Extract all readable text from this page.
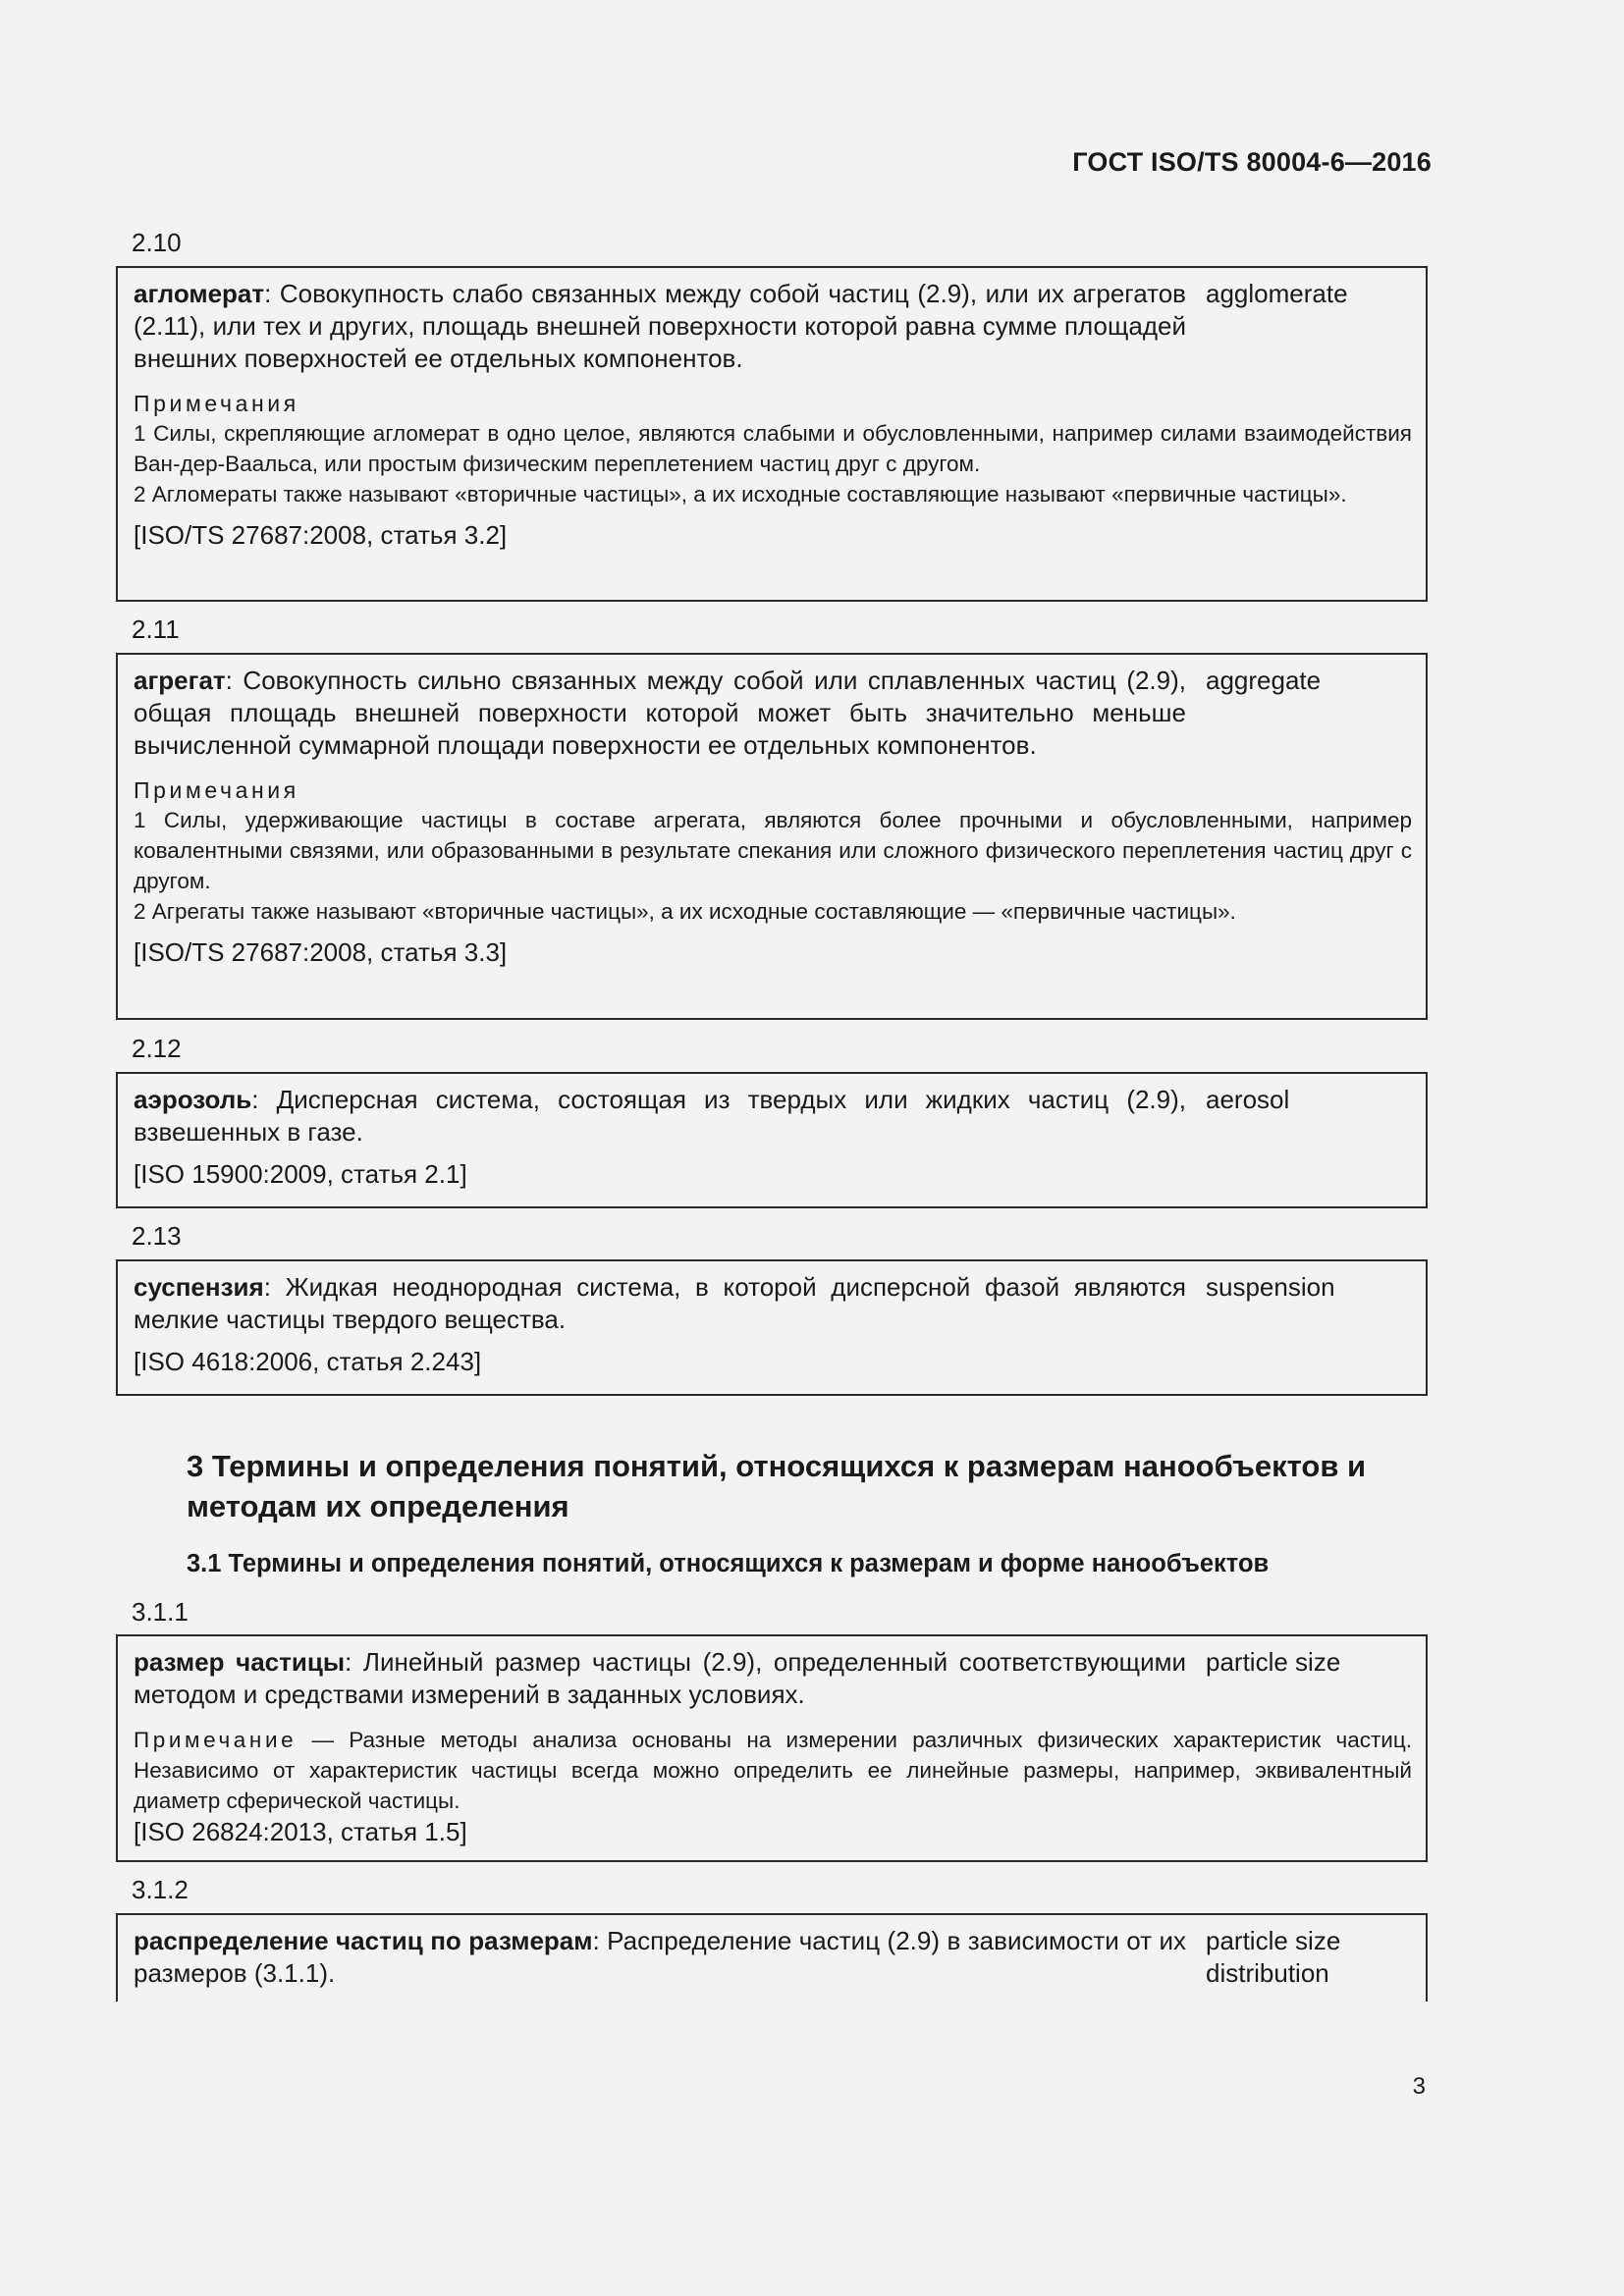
ГОСТ ISO/TS 80004-6—2016
2.10
агломерат: Совокупность слабо связанных между собой частиц (2.9), или их агрегатов (2.11), или тех и других, площадь внешней поверхности которой равна сумме площадей внешних поверхностей ее отдельных компонентов.
agglomerate
Примечания
1 Силы, скрепляющие агломерат в одно целое, являются слабыми и обусловленными, например силами взаимодействия Ван-дер-Ваальса, или простым физическим переплетением частиц друг с другом.
2 Агломераты также называют «вторичные частицы», а их исходные составляющие называют «первичные частицы».
[ISO/TS 27687:2008, статья 3.2]
2.11
агрегат: Совокупность сильно связанных между собой или сплавленных частиц (2.9), общая площадь внешней поверхности которой может быть значительно меньше вычисленной суммарной площади поверхности ее отдельных компонентов.
aggregate
Примечания
1 Силы, удерживающие частицы в составе агрегата, являются более прочными и обусловленными, например ковалентными связями, или образованными в результате спекания или сложного физического переплетения частиц друг с другом.
2 Агрегаты также называют «вторичные частицы», а их исходные составляющие — «первичные частицы».
[ISO/TS 27687:2008, статья 3.3]
2.12
аэрозоль: Дисперсная система, состоящая из твердых или жидких частиц (2.9), взвешенных в газе.
aerosol
[ISO 15900:2009, статья 2.1]
2.13
суспензия: Жидкая неоднородная система, в которой дисперсной фазой являются мелкие частицы твердого вещества.
suspension
[ISO 4618:2006, статья 2.243]
3 Термины и определения понятий, относящихся к размерам нанообъектов и методам их определения
3.1 Термины и определения понятий, относящихся к размерам и форме нанообъектов
3.1.1
размер частицы: Линейный размер частицы (2.9), определенный соответствующими методом и средствами измерений в заданных условиях.
particle size
Примечание — Разные методы анализа основаны на измерении различных физических характеристик частиц. Независимо от характеристик частицы всегда можно определить ее линейные размеры, например, эквивалентный диаметр сферической частицы.
[ISO 26824:2013, статья 1.5]
3.1.2
распределение частиц по размерам: Распределение частиц (2.9) в зависимости от их размеров (3.1.1).
particle size distribution
3
